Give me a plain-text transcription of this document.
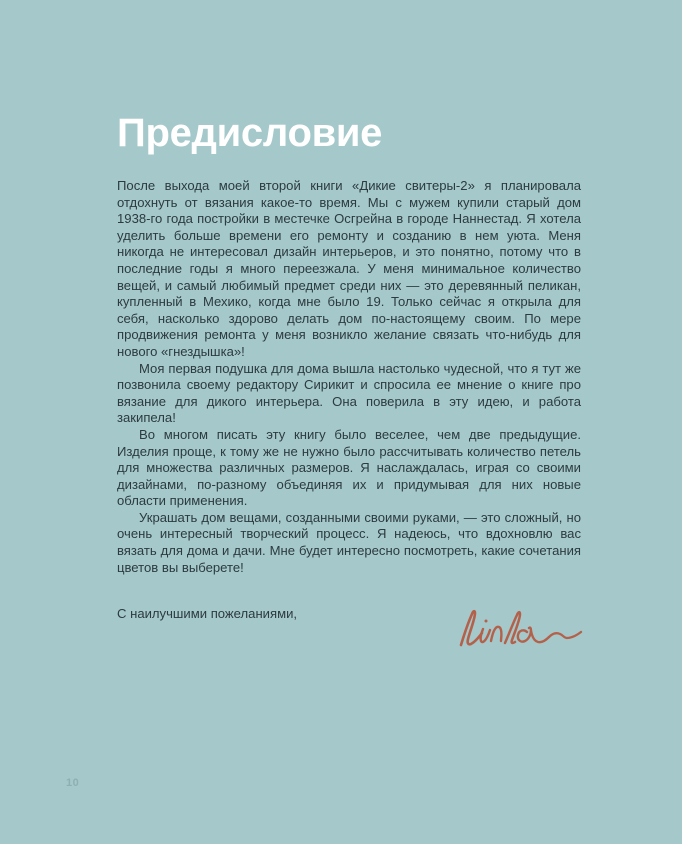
Предисловие

После выхода моей второй книги «Дикие свитеры-2» я планировала отдохнуть от вязания какое-то время. Мы с мужем купили старый дом 1938-го года постройки в местечке Осгрейна в городе Наннестад. Я хотела уделить больше времени его ремонту и созданию в нем уюта. Меня никогда не интересовал дизайн интерьеров, и это понятно, потому что в последние годы я много переезжала. У меня минимальное количество вещей, и самый любимый предмет среди них — это деревянный пеликан, купленный в Мехико, когда мне было 19. Только сейчас я открыла для себя, насколько здорово делать дом по-настоящему своим. По мере продвижения ремонта у меня возникло желание связать что-нибудь для нового «гнездышка»!

Моя первая подушка для дома вышла настолько чудесной, что я тут же позвонила своему редактору Сирикит и спросила ее мнение о книге про вязание для дикого интерьера. Она поверила в эту идею, и работа закипела!

Во многом писать эту книгу было веселее, чем две предыдущие. Изделия проще, к тому же не нужно было рассчитывать количество петель для множества различных размеров. Я наслаждалась, играя со своими дизайнами, по-разному объединяя их и придумывая для них новые области применения.

Украшать дом вещами, созданными своими руками, — это сложный, но очень интересный творческий процесс. Я надеюсь, что вдохновлю вас вязать для дома и дачи. Мне будет интересно посмотреть, какие сочетания цветов вы выберете!

С наилучшими пожеланиями,

10
